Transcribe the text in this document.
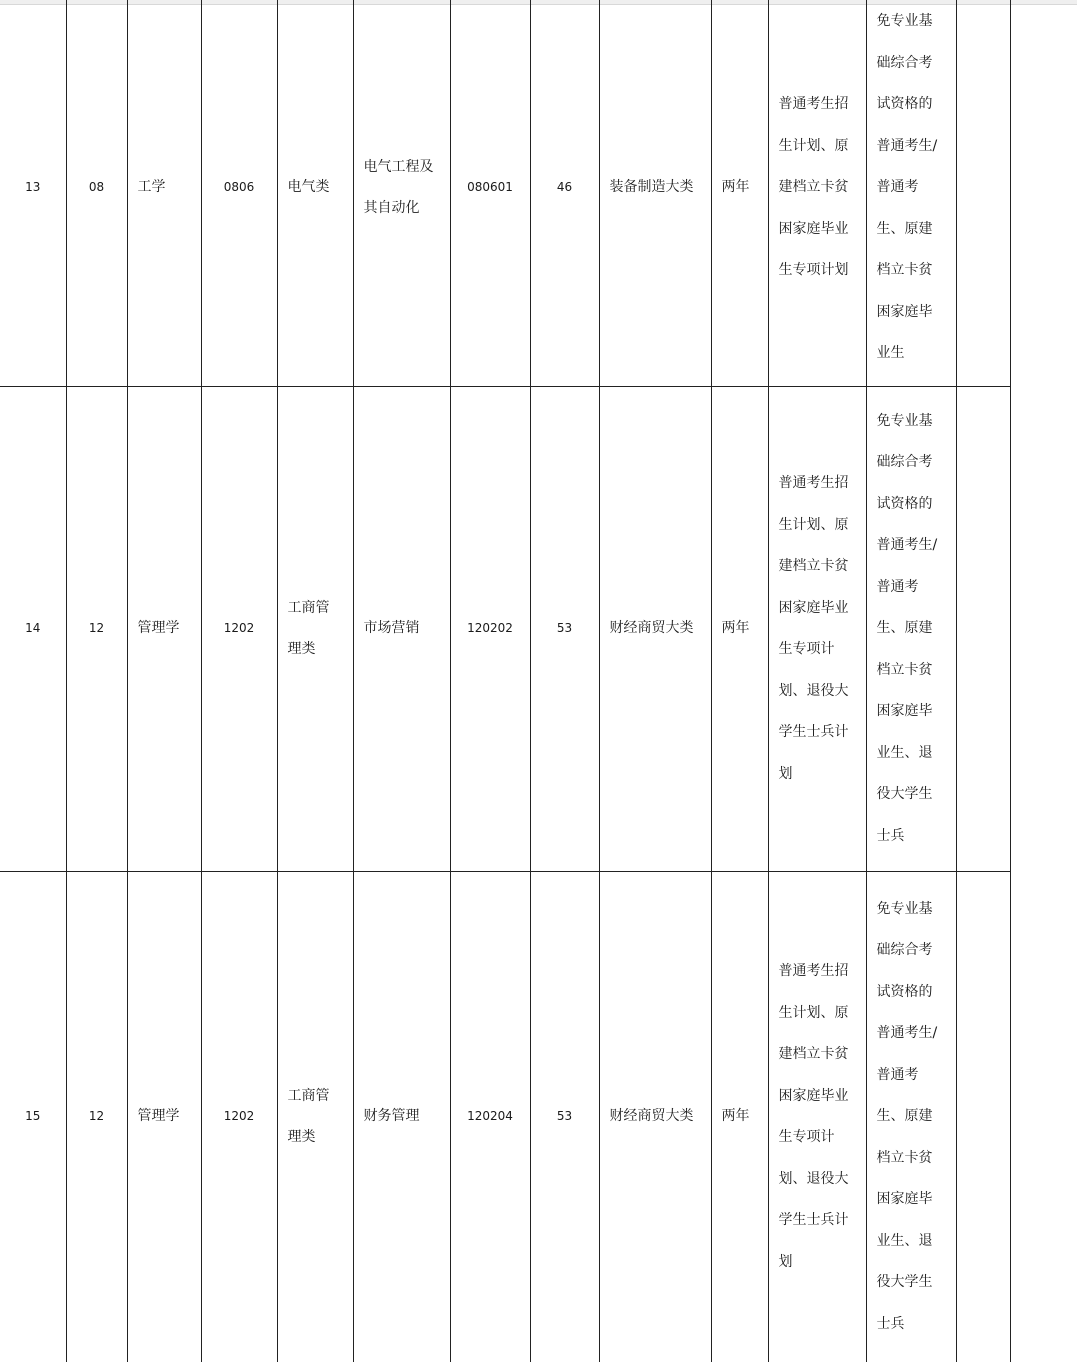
13	08	工学	0806	电气类	电气工程及其自动化	080601	46	装备制造大类	两年	普通考生招生计划、原建档立卡贫困家庭毕业生专项计划	免专业基础综合考试资格的普通考生/普通考生、原建档立卡贫困家庭毕业生	
14	12	管理学	1202	工商管理类	市场营销	120202	53	财经商贸大类	两年	普通考生招生计划、原建档立卡贫困家庭毕业生专项计划、退役大学生士兵计划	免专业基础综合考试资格的普通考生/普通考生、原建档立卡贫困家庭毕业生、退役大学生士兵	
15	12	管理学	1202	工商管理类	财务管理	120204	53	财经商贸大类	两年	普通考生招生计划、原建档立卡贫困家庭毕业生专项计划、退役大学生士兵计划	免专业基础综合考试资格的普通考生/普通考生、原建档立卡贫困家庭毕业生、退役大学生士兵	
